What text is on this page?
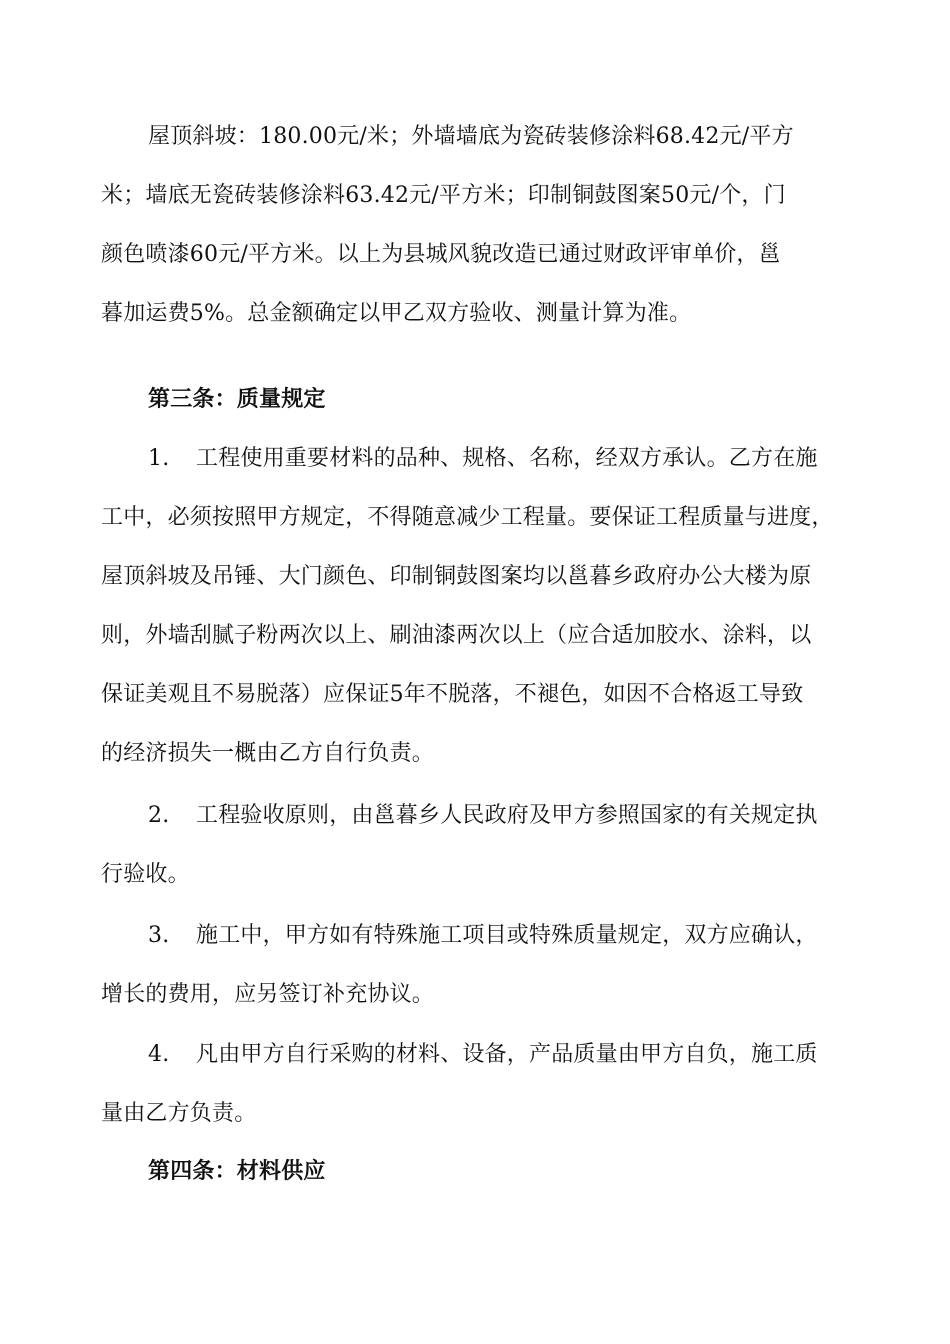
屋顶斜坡：180.00元/米；外墙墙底为瓷砖装修涂料68.42元/平方
米；墙底无瓷砖装修涂料63.42元/平方米；印制铜鼓图案50元/个，门
颜色喷漆60元/平方米。以上为县城风貌改造已通过财政评审单价，邕
暮加运费5%。总金额确定以甲乙双方验收、测量计算为准。
第三条：质量规定
1. 工程使用重要材料的品种、规格、名称，经双方承认。乙方在施
工中，必须按照甲方规定，不得随意减少工程量。要保证工程质量与进度，
屋顶斜坡及吊锤、大门颜色、印制铜鼓图案均以邕暮乡政府办公大楼为原
则，外墙刮腻子粉两次以上、刷油漆两次以上（应合适加胶水、涂料，以
保证美观且不易脱落）应保证5年不脱落，不褪色，如因不合格返工导致
的经济损失一概由乙方自行负责。
2. 工程验收原则，由邕暮乡人民政府及甲方参照国家的有关规定执
行验收。
3. 施工中，甲方如有特殊施工项目或特殊质量规定，双方应确认，
增长的费用，应另签订补充协议。
4. 凡由甲方自行采购的材料、设备，产品质量由甲方自负，施工质
量由乙方负责。
第四条：材料供应
